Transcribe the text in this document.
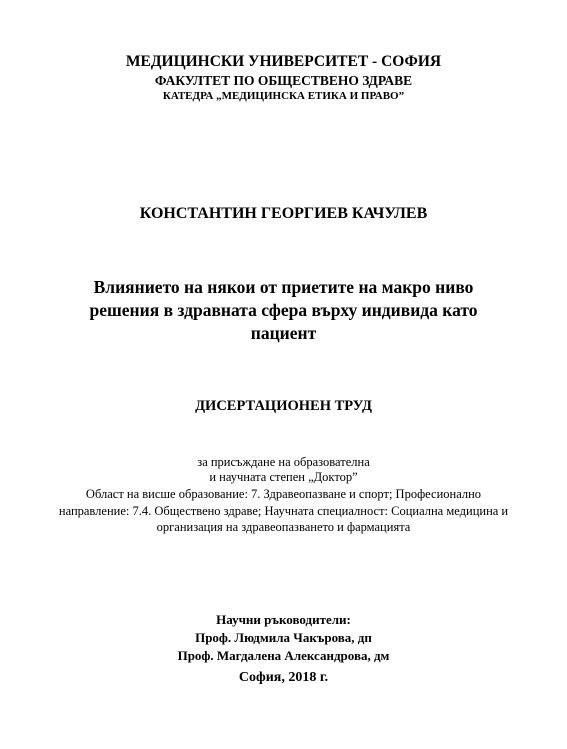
МЕДИЦИНСКИ УНИВЕРСИТЕТ - СОФИЯ
ФАКУЛТЕТ ПО ОБЩЕСТВЕНО ЗДРАВЕ
КАТЕДРА „МЕДИЦИНСКА ЕТИКА И ПРАВО”
КОНСТАНТИН ГЕОРГИЕВ КАЧУЛЕВ
Влиянието на някои от приетите на макро ниво
решения в здравната сфера върху индивида като
пациент
ДИСЕРТАЦИОНЕН ТРУД
за присъждане на образователна
и научната степен „Доктор”
Област на висше образование: 7. Здравеопазване и спорт; Професионално
направление: 7.4. Обществено здраве; Научната специалност: Социална медицина и
организация на здравеопазването и фармацията
Научни ръководители:
Проф. Людмила Чакърова, дп
Проф. Магдалена Александрова, дм
София, 2018 г.
